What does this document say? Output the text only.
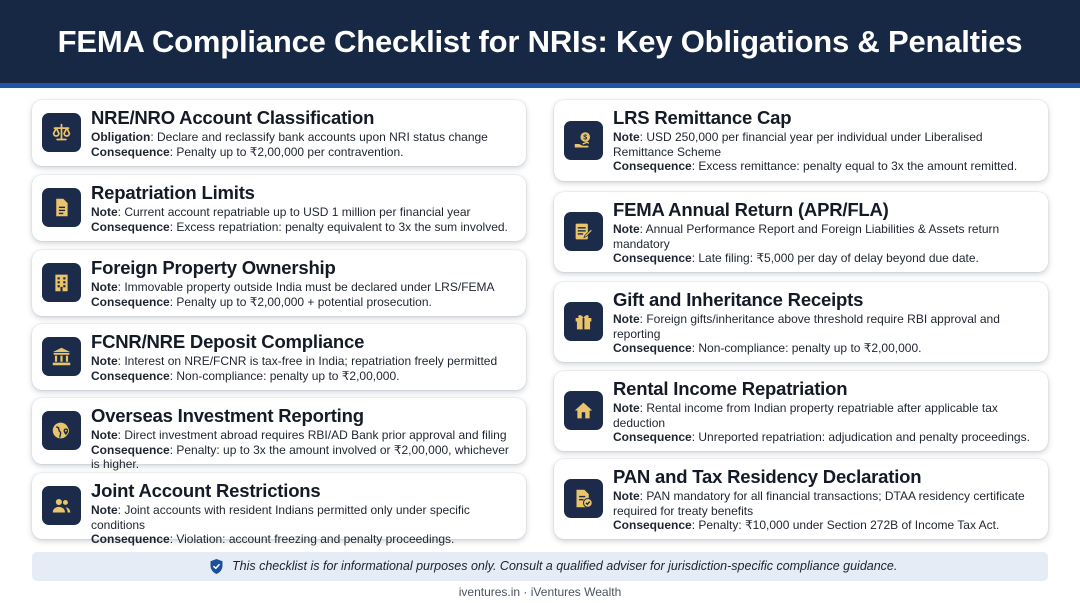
FEMA Compliance Checklist for NRIs: Key Obligations & Penalties
NRE/NRO Account Classification
Obligation: Declare and reclassify bank accounts upon NRI status change
Consequence: Penalty up to ₹2,00,000 per contravention.
Repatriation Limits
Note: Current account repatriable up to USD 1 million per financial year
Consequence: Excess repatriation: penalty equivalent to 3x the sum involved.
Foreign Property Ownership
Note: Immovable property outside India must be declared under LRS/FEMA
Consequence: Penalty up to ₹2,00,000 + potential prosecution.
FCNR/NRE Deposit Compliance
Note: Interest on NRE/FCNR is tax-free in India; repatriation freely permitted
Consequence: Non-compliance: penalty up to ₹2,00,000.
Overseas Investment Reporting
Note: Direct investment abroad requires RBI/AD Bank prior approval and filing
Consequence: Penalty: up to 3x the amount involved or ₹2,00,000, whichever is higher.
Joint Account Restrictions
Note: Joint accounts with resident Indians permitted only under specific conditions
Consequence: Violation: account freezing and penalty proceedings.
$
LRS Remittance Cap
Note: USD 250,000 per financial year per individual under Liberalised
Remittance Scheme
Consequence: Excess remittance: penalty equal to 3x the amount remitted.
FEMA Annual Return (APR/FLA)
Note: Annual Performance Report and Foreign Liabilities & Assets return
mandatory
Consequence: Late filing: ₹5,000 per day of delay beyond due date.
Gift and Inheritance Receipts
Note: Foreign gifts/inheritance above threshold require RBI approval and
reporting
Consequence: Non-compliance: penalty up to ₹2,00,000.
Rental Income Repatriation
Note: Rental income from Indian property repatriable after applicable tax
deduction
Consequence: Unreported repatriation: adjudication and penalty proceedings.
PAN and Tax Residency Declaration
Note: PAN mandatory for all financial transactions; DTAA residency certificate
required for treaty benefits
Consequence: Penalty: ₹10,000 under Section 272B of Income Tax Act.
This checklist is for informational purposes only. Consult a qualified adviser for jurisdiction-specific compliance guidance.
iventures.in · iVentures Wealth
